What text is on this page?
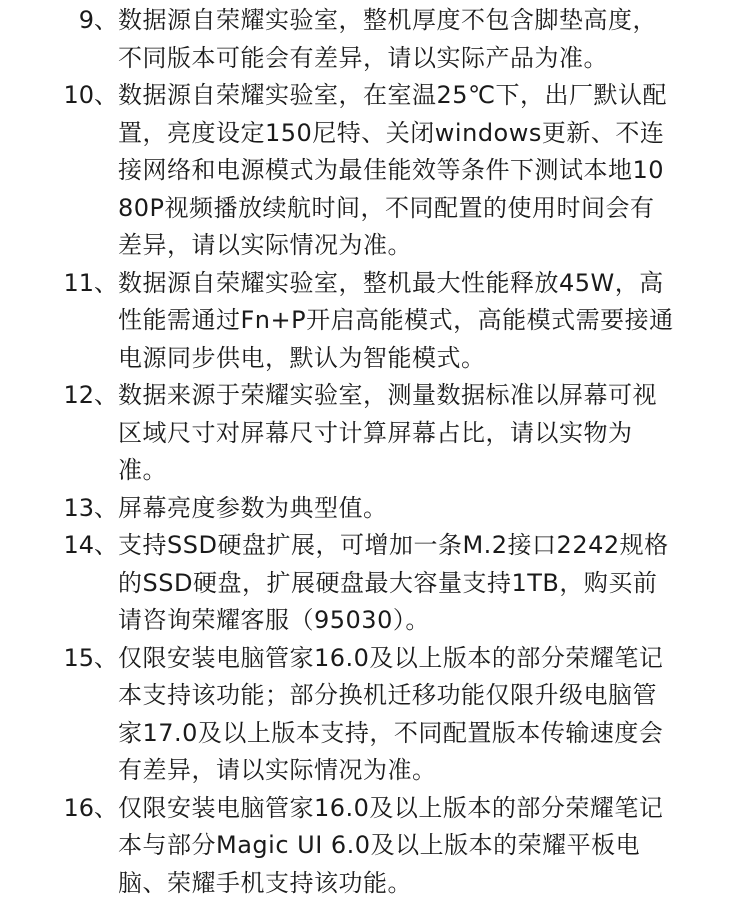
9、 数据源自荣耀实验室，整机厚度不包含脚垫高度，不同版本可能会有差异，请以实际产品为准。
10、 数据源自荣耀实验室，在室温25℃下，出厂默认配置，亮度设定150尼特、关闭windows更新、不连接网络和电源模式为最佳能效等条件下测试本地1080P视频播放续航时间，不同配置的使用时间会有差异，请以实际情况为准。
11、 数据源自荣耀实验室，整机最大性能释放45W，高性能需通过Fn+P开启高能模式，高能模式需要接通电源同步供电，默认为智能模式。
12、 数据来源于荣耀实验室，测量数据标准以屏幕可视区域尺寸对屏幕尺寸计算屏幕占比，请以实物为准。
13、 屏幕亮度参数为典型值。
14、 支持SSD硬盘扩展，可增加一条M.2接口2242规格的SSD硬盘，扩展硬盘最大容量支持1TB，购买前请咨询荣耀客服（95030）。
15、 仅限安装电脑管家16.0及以上版本的部分荣耀笔记本支持该功能；部分换机迁移功能仅限升级电脑管家17.0及以上版本支持，不同配置版本传输速度会有差异，请以实际情况为准。
16、 仅限安装电脑管家16.0及以上版本的部分荣耀笔记本与部分Magic UI 6.0及以上版本的荣耀平板电脑、荣耀手机支持该功能。
